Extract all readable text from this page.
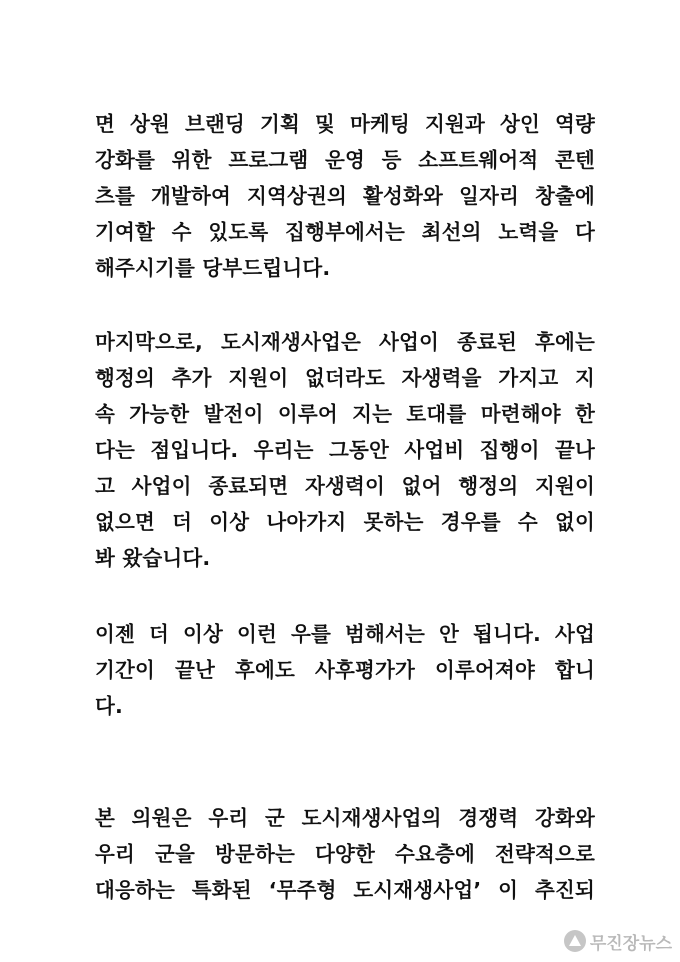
면 상원 브랜딩 기획 및 마케팅 지원과 상인 역량
강화를 위한 프로그램 운영 등 소프트웨어적 콘텐
츠를 개발하여 지역상권의 활성화와 일자리 창출에
기여할 수 있도록 집행부에서는 최선의 노력을 다
해주시기를 당부드립니다.
마지막으로, 도시재생사업은 사업이 종료된 후에는
행정의 추가 지원이 없더라도 자생력을 가지고 지
속 가능한 발전이 이루어 지는 토대를 마련해야 한
다는 점입니다. 우리는 그동안 사업비 집행이 끝나
고 사업이 종료되면 자생력이 없어 행정의 지원이
없으면 더 이상 나아가지 못하는 경우를 수 없이
봐 왔습니다.
이젠 더 이상 이런 우를 범해서는 안 됩니다. 사업
기간이 끝난 후에도 사후평가가 이루어져야 합니
다.
본 의원은 우리 군 도시재생사업의 경쟁력 강화와
우리 군을 방문하는 다양한 수요층에 전략적으로
대응하는 특화된 ‘무주형 도시재생사업’ 이 추진되
무진장뉴스
